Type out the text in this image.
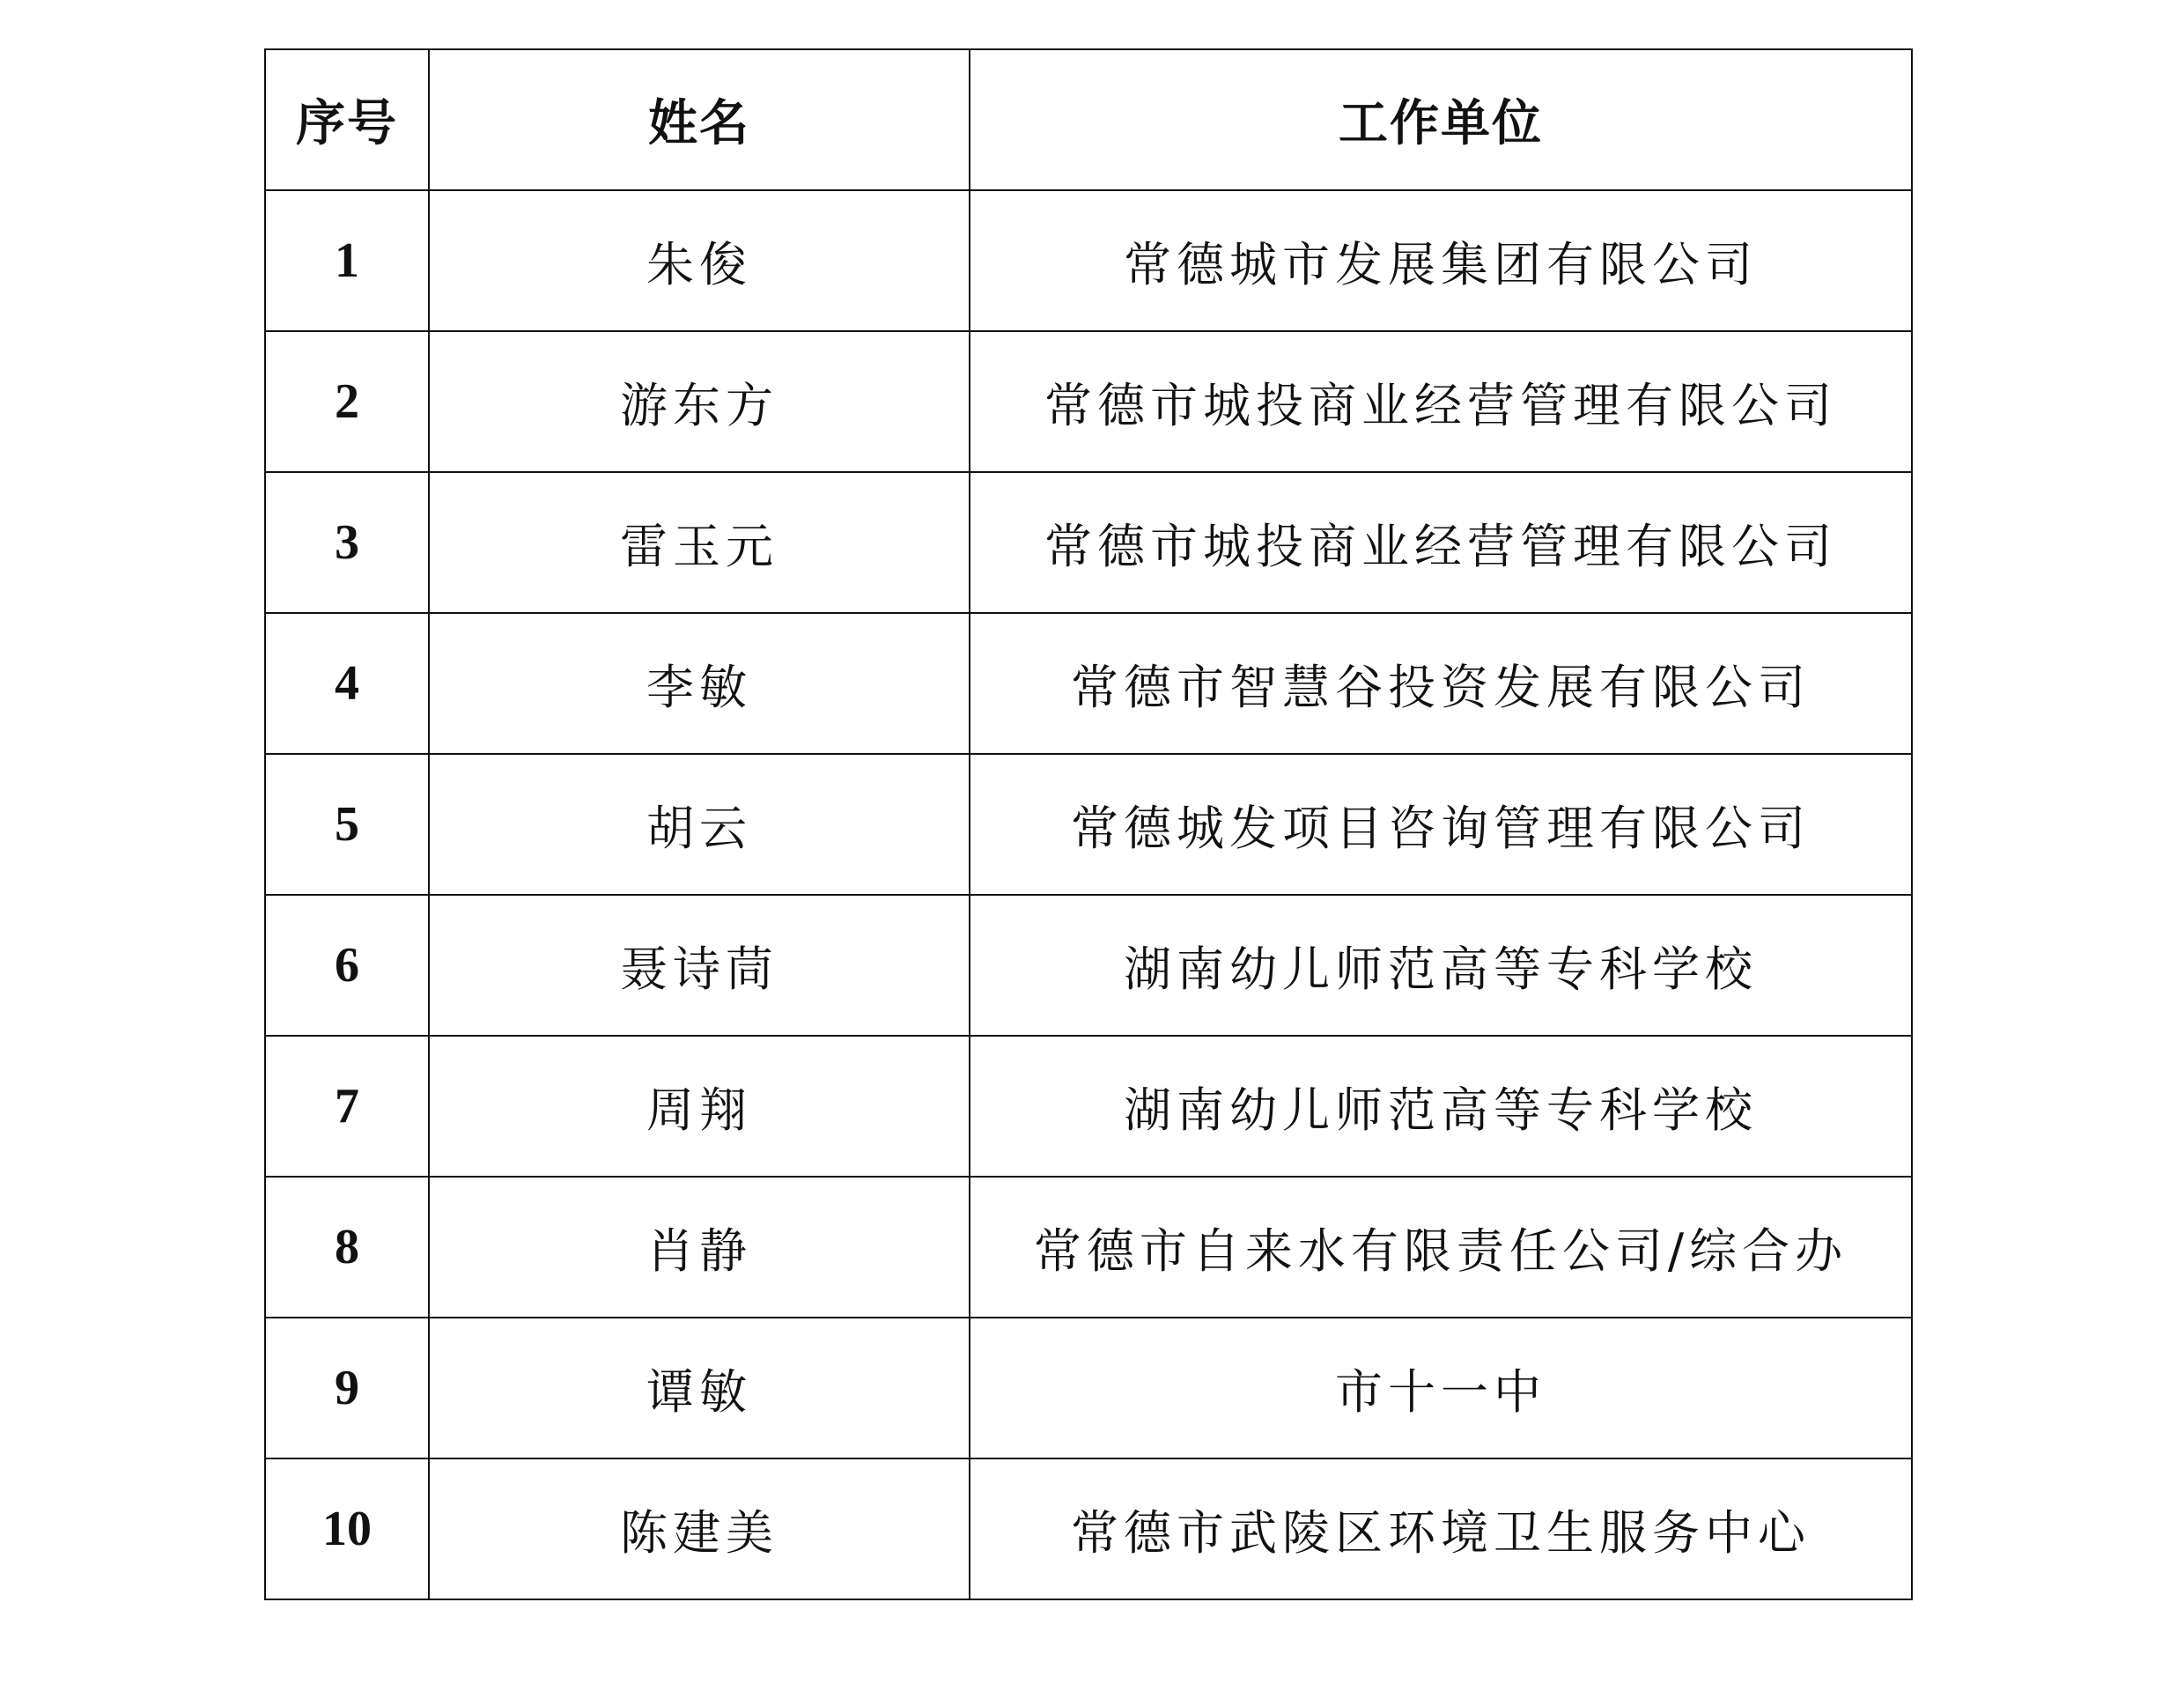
序号	姓名	工作单位
1	朱俊	常德城市发展集团有限公司
2	游东方	常德市城投商业经营管理有限公司
3	雷玉元	常德市城投商业经营管理有限公司
4	李敏	常德市智慧谷投资发展有限公司
5	胡云	常德城发项目咨询管理有限公司
6	聂诗茼	湖南幼儿师范高等专科学校
7	周翔	湖南幼儿师范高等专科学校
8	肖静	常德市自来水有限责任公司/综合办
9	谭敏	市十一中
10	陈建美	常德市武陵区环境卫生服务中心
